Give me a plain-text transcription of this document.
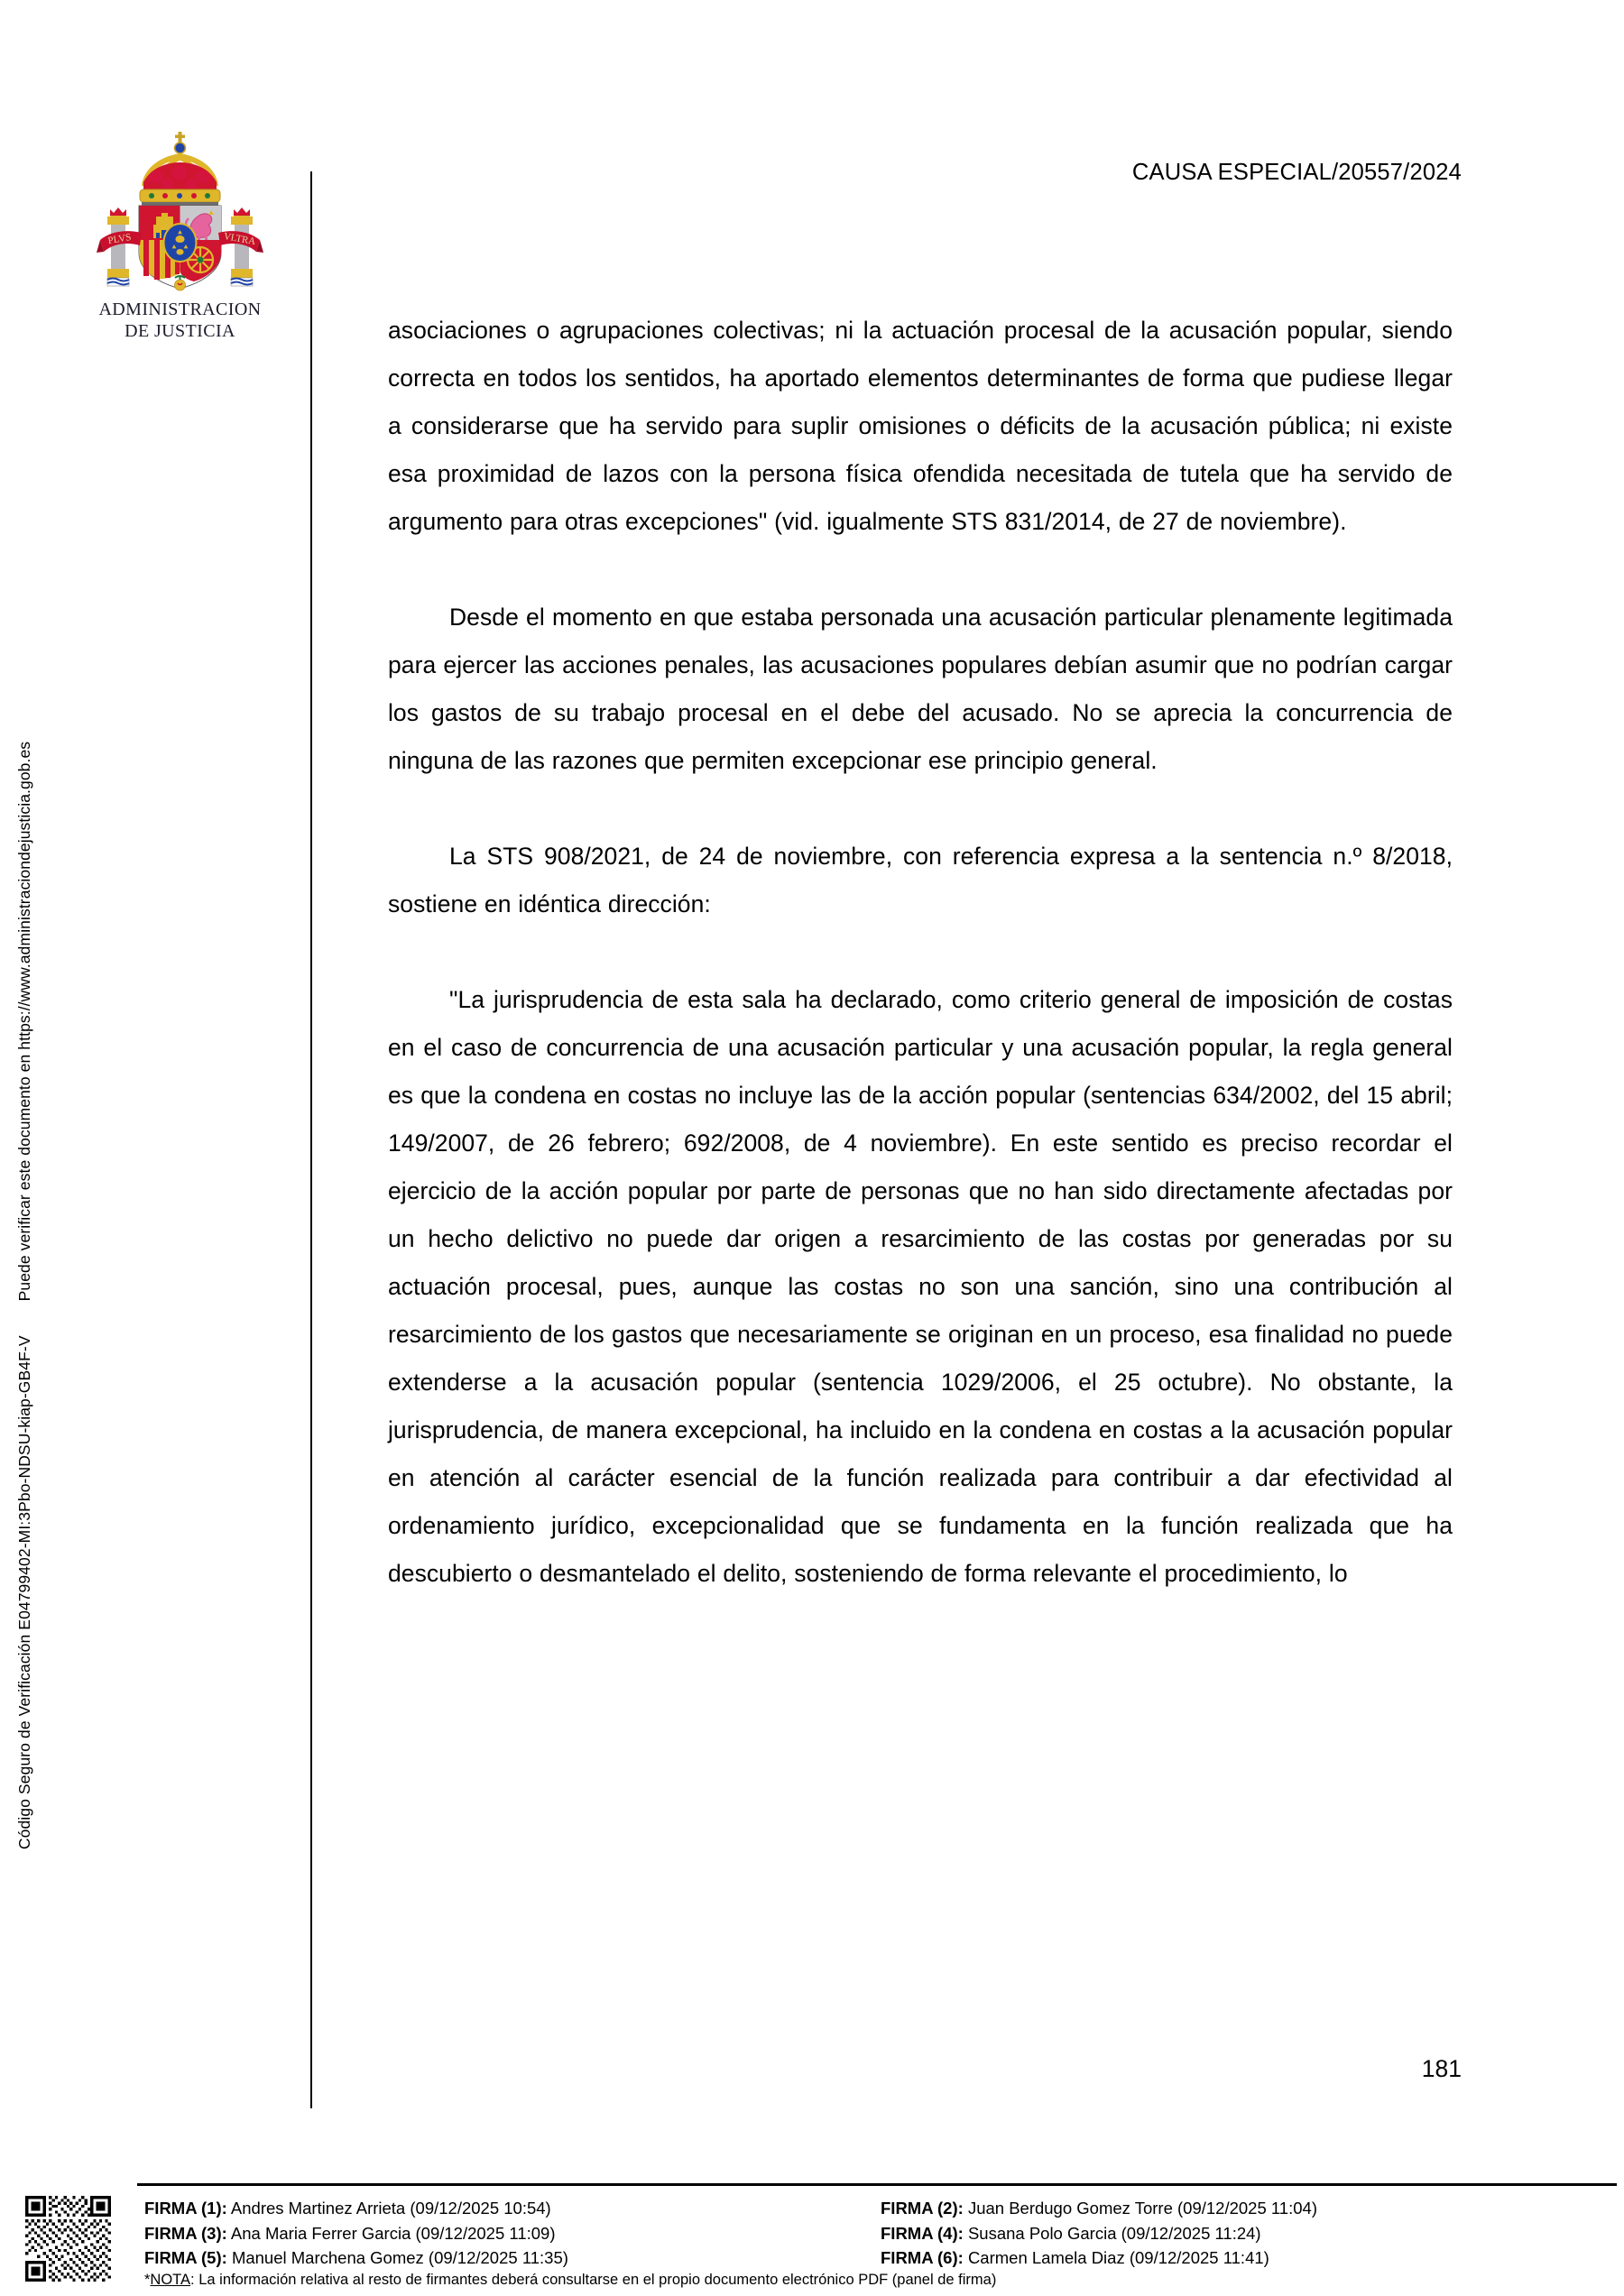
Código Seguro de Verificación E04799402-MI:3Pbo-NDSU-kiap-GB4F-VPuede verificar este documento en https://www.administraciondejusticia.gob.es
PLVS	VLTRA
ADMINISTRACION
DE JUSTICIA
CAUSA ESPECIAL/20557/2024

asociaciones o agrupaciones colectivas; ni la actuación procesal de la acusación popular, siendo correcta en todos los sentidos, ha aportado elementos determinantes de forma que pudiese llegar a considerarse que ha servido para suplir omisiones o déficits de la acusación pública; ni existe esa proximidad de lazos con la persona física ofendida necesitada de tutela que ha servido de argumento para otras excepciones" (vid. igualmente STS 831/2014, de 27 de noviembre).

Desde el momento en que estaba personada una acusación particular plenamente legitimada para ejercer las acciones penales, las acusaciones populares debían asumir que no podrían cargar los gastos de su trabajo procesal en el debe del acusado. No se aprecia la concurrencia de ninguna de las razones que permiten excepcionar ese principio general.

La STS 908/2021, de 24 de noviembre, con referencia expresa a la sentencia n.º 8/2018, sostiene en idéntica dirección:

"La jurisprudencia de esta sala ha declarado, como criterio general de imposición de costas en el caso de concurrencia de una acusación particular y una acusación popular, la regla general es que la condena en costas no incluye las de la acción popular (sentencias 634/2002, del 15 abril; 149/2007, de 26 febrero; 692/2008, de 4 noviembre). En este sentido es preciso recordar el ejercicio de la acción popular por parte de personas que no han sido directamente afectadas por un hecho delictivo no puede dar origen a resarcimiento de las costas por generadas por su actuación procesal, pues, aunque las costas no son una sanción, sino una contribución al resarcimiento de los gastos que necesariamente se originan en un proceso, esa finalidad no puede extenderse a la acusación popular (sentencia 1029/2006, el 25 octubre). No obstante, la jurisprudencia, de manera excepcional, ha incluido en la condena en costas a la acusación popular en atención al carácter esencial de la función realizada para contribuir a dar efectividad al ordenamiento jurídico, excepcionalidad que se fundamenta en la función realizada que ha descubierto o desmantelado el delito, sosteniendo de forma relevante el procedimiento, lo

181
FIRMA (1): Andres Martinez Arrieta (09/12/2025 10:54)	FIRMA (2): Juan Berdugo Gomez Torre (09/12/2025 11:04)
FIRMA (3): Ana Maria Ferrer Garcia (09/12/2025 11:09)	FIRMA (4): Susana Polo Garcia (09/12/2025 11:24)
FIRMA (5): Manuel Marchena Gomez (09/12/2025 11:35)	FIRMA (6): Carmen Lamela Diaz (09/12/2025 11:41)
*NOTA: La información relativa al resto de firmantes deberá consultarse en el propio documento electrónico PDF (panel de firma)
